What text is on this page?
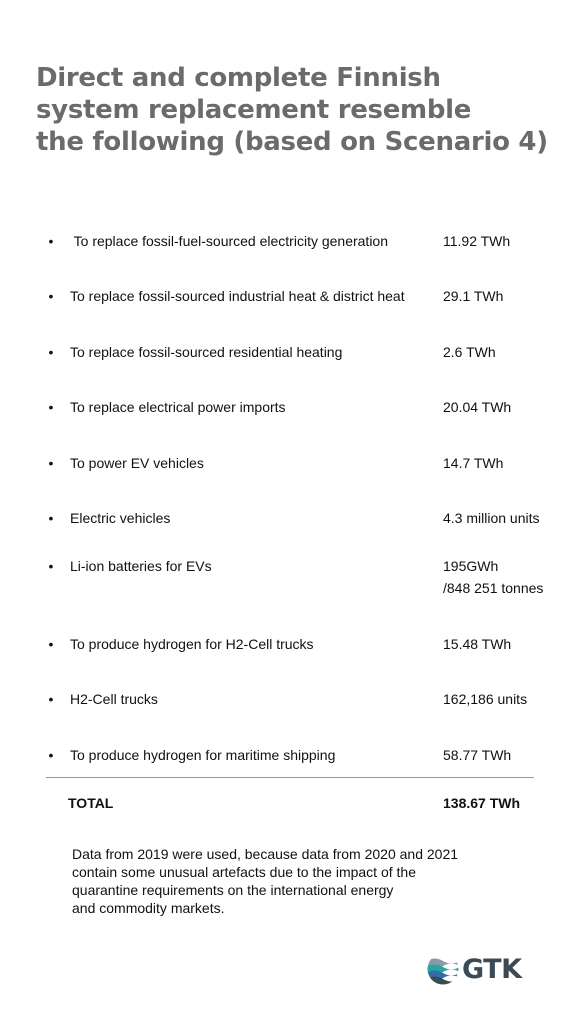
Direct and complete Finnish
system replacement resemble
the following (based on Scenario 4)
• To replace fossil-fuel-sourced electricity generation	11.92 TWh
• To replace fossil-sourced industrial heat & district heat	29.1 TWh
• To replace fossil-sourced residential heating	2.6 TWh
• To replace electrical power imports	20.04 TWh
• To power EV vehicles	14.7 TWh
• Electric vehicles	4.3 million units
• Li-ion batteries for EVs	195GWh
/848 251 tonnes
• To produce hydrogen for H2-Cell trucks	15.48 TWh
• H2-Cell trucks	162,186 units
• To produce hydrogen for maritime shipping	58.77 TWh
TOTAL	138.67 TWh
Data from 2019 were used, because data from 2020 and 2021
contain some unusual artefacts due to the impact of the
quarantine requirements on the international energy
and commodity markets.
GTK
